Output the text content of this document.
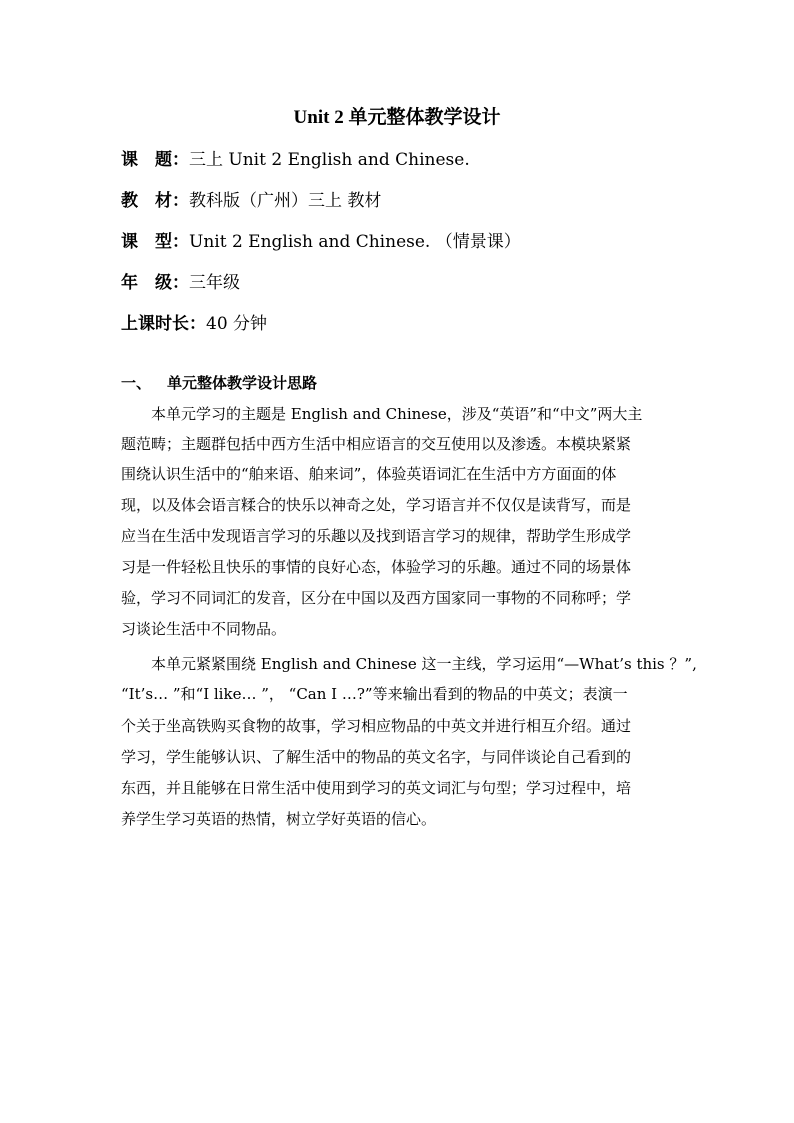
Unit 2 单元整体教学设计
课　题：三上 Unit 2 English and Chinese.
教　材：教科版（广州）三上 教材
课　型：Unit 2 English and Chinese. （情景课）
年　级：三年级
上课时长：40 分钟
一、 单元整体教学设计思路
本单元学习的主题是 English and Chinese，涉及“英语”和“中文”两大主
题范畴；主题群包括中西方生活中相应语言的交互使用以及渗透。本模块紧紧
围绕认识生活中的“舶来语、舶来词”，体验英语词汇在生活中方方面面的体
现，以及体会语言糅合的快乐以神奇之处，学习语言并不仅仅是读背写，而是
应当在生活中发现语言学习的乐趣以及找到语言学习的规律，帮助学生形成学
习是一件轻松且快乐的事情的良好心态，体验学习的乐趣。通过不同的场景体
验，学习不同词汇的发音，区分在中国以及西方国家同一事物的不同称呼；学
习谈论生活中不同物品。
本单元紧紧围绕 English and Chinese 这一主线，学习运用“—What’s this ？”,
“It’s… ”和“I like… ”， “Can I …?”等来输出看到的物品的中英文；表演一
个关于坐高铁购买食物的故事，学习相应物品的中英文并进行相互介绍。通过
学习，学生能够认识、了解生活中的物品的英文名字，与同伴谈论自己看到的
东西，并且能够在日常生活中使用到学习的英文词汇与句型；学习过程中，培
养学生学习英语的热情，树立学好英语的信心。
